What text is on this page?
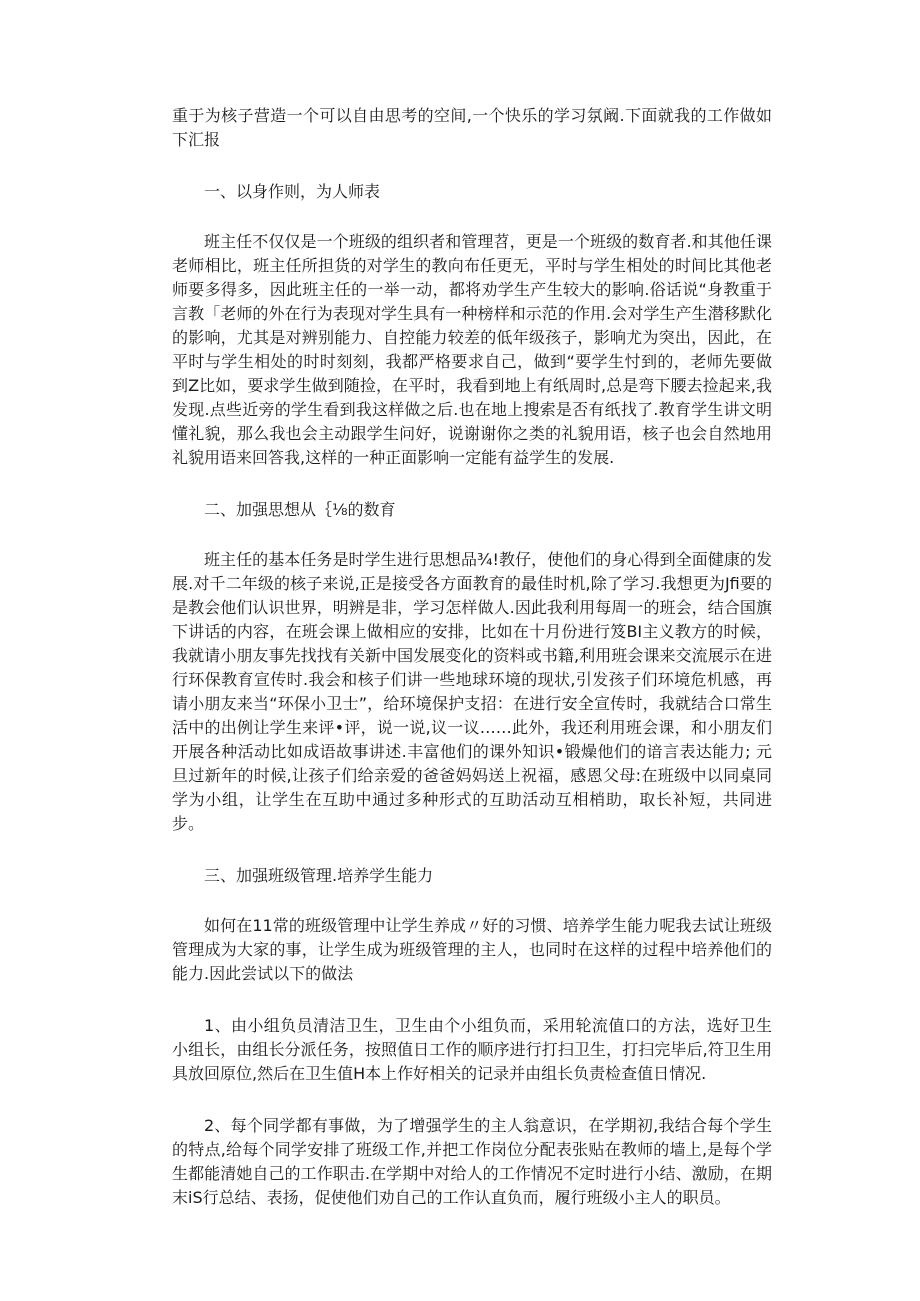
重于为核子营造一个可以自由思考的空间,一个快乐的学习氛阚.下面就我的工作做如下汇报

一、以身作则，为人师表

班主任不仅仅是一个班级的组织者和管理苕，更是一个班级的数育者.和其他任课老师相比，班主任所担货的对学生的教向布任更无，平时与学生相处的时间比其他老师要多得多，因此班主任的一举一动，都将劝学生产生较大的影响.俗话说“身教重于言教「老师的外在行为表现对学生具有一种榜样和示范的作用.会对学生产生潜移默化的影响，尤其是对辨别能力、自控能力较差的低年级孩子，影响尤为突出，因此，在平时与学生相处的时时刻刻，我都严格要求自己，做到“要学生忖到的，老师先要做到Z比如，要求学生做到随捡，在平时，我看到地上有纸周时,总是弯下腰去捡起来,我发现.点些近旁的学生看到我这样做之后.也在地上搜索是否有纸找了.教育学生讲文明懂礼貌，那么我也会主动跟学生问好，说谢谢你之类的礼貌用语，核子也会自然地用礼貌用语来回答我,这样的一种正面影响一定能有益学生的发展.

二、加强思想从｛⅛的数育

班主任的基本任务是时学生进行思想品¾!教仔，使他们的身心得到全面健康的发展.对千二年级的核子来说,正是接受各方面教育的最佳时机,除了学习.我想更为Jfi要的是教会他们认识世界，明辨是非，学习怎样做人.因此我利用每周一的班会，结合国旗下讲话的内容，在班会课上做相应的安排，比如在十月份进行笈BI主义教方的时候，我就请小朋友事先找找有关新中国发展变化的资料或书籍,利用班会课来交流展示在进行环保教育宣传时.我会和核子们讲一些地球环境的现状,引发孩子们环境危机感，再请小朋友来当“环保小卫士”，给环境保护支招：在进行安全宣传时，我就结合口常生活中的出例让学生来评•评，说一说,议一议……此外，我还利用班会课，和小朋友们开展各种活动比如成语故事讲述.丰富他们的课外知识•锻燥他们的谙言表达能力; 元旦过新年的时候,让孩子们给亲爱的爸爸妈妈送上祝福，感恩父母:在班级中以同桌同学为小组，让学生在互助中通过多种形式的互助活动互相梢助，取长补短，共同进步。

三、加强班级管理.培养学生能力

如何在11常的班级管理中让学生养成〃好的习惯、培养学生能力呢我去试让班级管理成为大家的事，让学生成为班级管理的主人，也同时在这样的过程中培养他们的能力.因此尝试以下的做法

1、由小组负员清洁卫生，卫生由个小组负而，采用轮流值口的方法，选好卫生小组长，由组长分派任务，按照值日工作的顺序进行打扫卫生，打扫完毕后,符卫生用具放回原位,然后在卫生值H本上作好相关的记录并由组长负责检查值日情况.

2、每个同学都有事做，为了增强学生的主人翁意识，在学期初,我结合每个学生的特点,给每个同学安排了班级工作,并把工作岗位分配表张贴在教师的墙上,是每个学生都能清她自己的工作职击.在学期中对给人的工作情况不定时进行小结、激励，在期末iS行总结、表扬，促使他们劝自己的工作认直负而，履行班级小主人的职员。
